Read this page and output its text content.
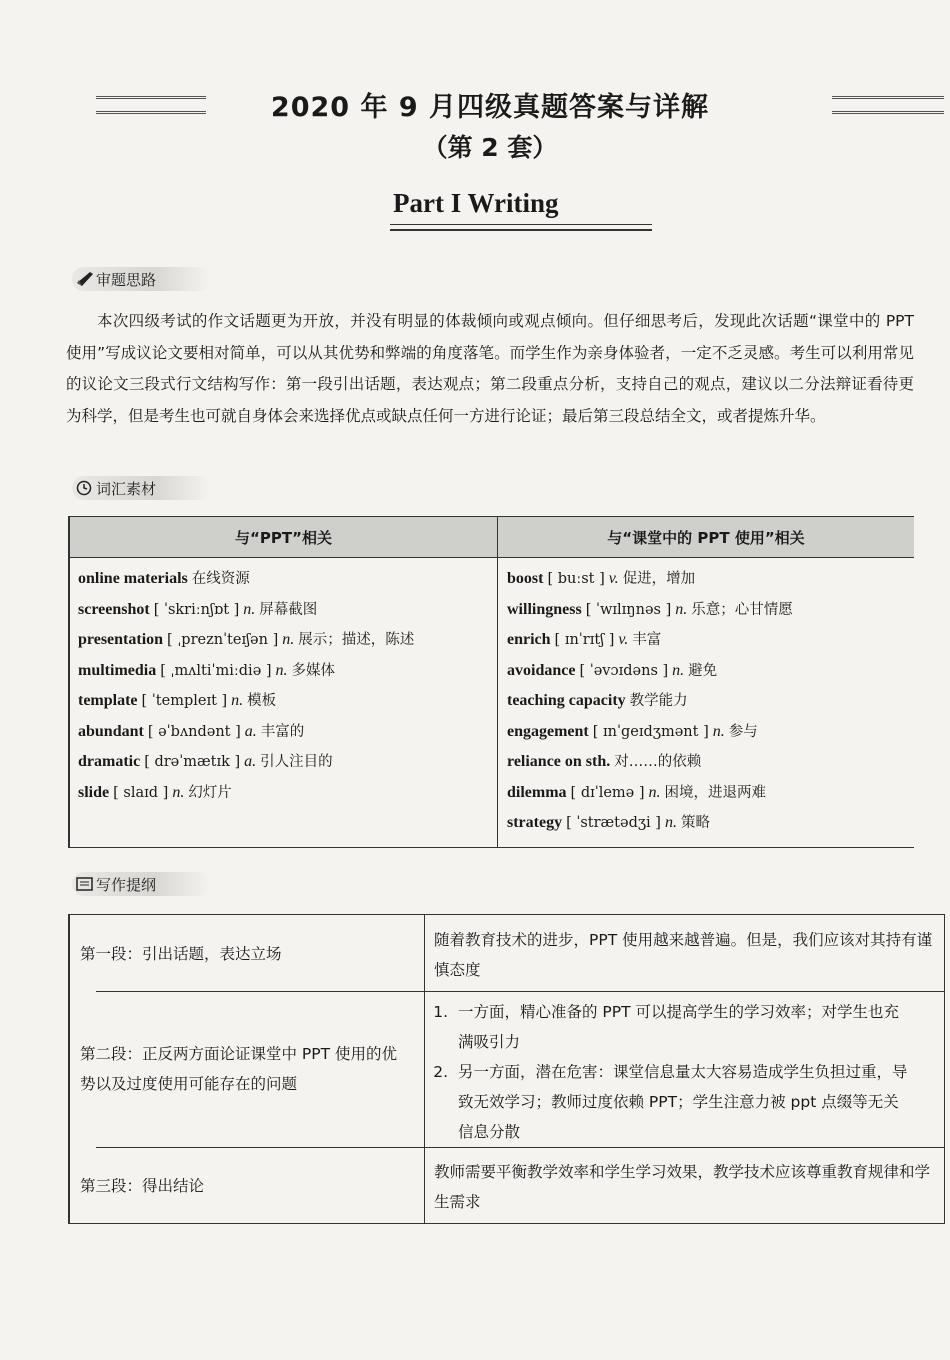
2020 年 9 月四级真题答案与详解
（第 2 套）
Part I Writing
审题思路
本次四级考试的作文话题更为开放，并没有明显的体裁倾向或观点倾向。但仔细思考后，发现此次话题“课堂中的 PPT 使用”写成议论文要相对简单，可以从其优势和弊端的角度落笔。而学生作为亲身体验者，一定不乏灵感。考生可以利用常见的议论文三段式行文结构写作：第一段引出话题，表达观点；第二段重点分析，支持自己的观点，建议以二分法辩证看待更为科学，但是考生也可就自身体会来选择优点或缺点任何一方进行论证；最后第三段总结全文，或者提炼升华。
词汇素材
与“PPT”相关	与“课堂中的 PPT 使用”相关
online materials 在线资源
screenshot [ ˈskriːnʃɒt ] n. 屏幕截图
presentation [ ˌpreznˈteɪʃən ] n. 展示；描述，陈述
multimedia [ ˌmʌltiˈmiːdiə ] n. 多媒体
template [ ˈtempleɪt ] n. 模板
abundant [ əˈbʌndənt ] a. 丰富的
dramatic [ drəˈmætɪk ] a. 引人注目的
slide [ slaɪd ] n. 幻灯片
boost [ buːst ] v. 促进，增加
willingness [ ˈwɪlɪŋnəs ] n. 乐意；心甘情愿
enrich [ ɪnˈrɪtʃ ] v. 丰富
avoidance [ ˈəvɔɪdəns ] n. 避免
teaching capacity 教学能力
engagement [ ɪnˈgeɪdʒmənt ] n. 参与
reliance on sth. 对……的依赖
dilemma [ dɪˈlemə ] n. 困境，进退两难
strategy [ ˈstrætədʒi ] n. 策略
写作提纲
第一段：引出话题，表达立场
随着教育技术的进步，PPT 使用越来越普遍。但是，我们应该对其持有谨慎态度
第二段：正反两方面论证课堂中 PPT 使用的优势以及过度使用可能存在的问题
1. 一方面，精心准备的 PPT 可以提高学生的学习效率；对学生也充满吸引力
2. 另一方面，潜在危害：课堂信息量太大容易造成学生负担过重，导致无效学习；教师过度依赖 PPT；学生注意力被 ppt 点缀等无关信息分散
第三段：得出结论
教师需要平衡教学效率和学生学习效果，教学技术应该尊重教育规律和学生需求
